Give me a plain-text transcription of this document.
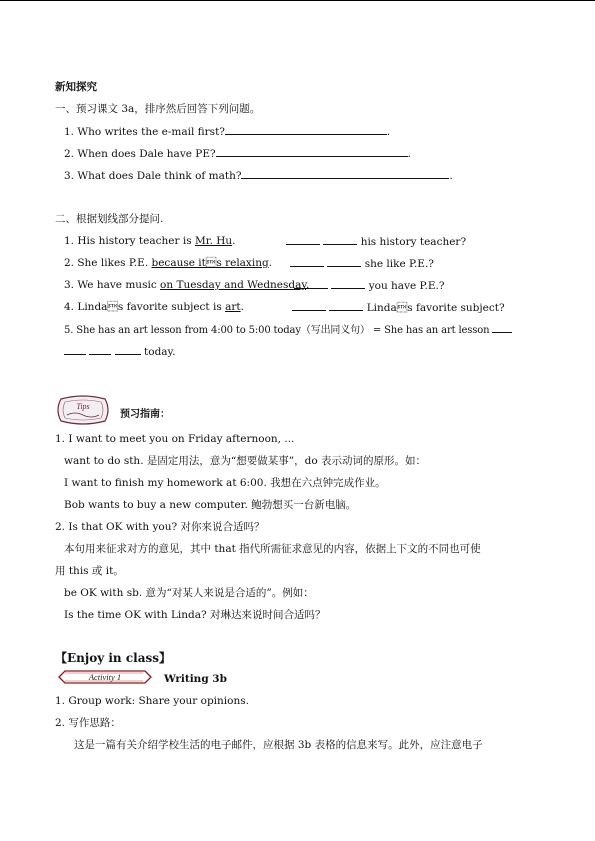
新知探究
一、预习课文 3a，排序然后回答下列问题。
1. Who writes the e-mail first?	.
2. When does Dale have PE?	.
3. What does Dale think of math?	.
二、根据划线部分提问.
1. His history teacher is Mr. Hu.	his history teacher?
2. She likes P.E. because its relaxing.	she like P.E.?
3. We have music on Tuesday and Wednesday.	you have P.E.?
4. Lindas favorite subject is art.	Lindas favorite subject?
5. She has an art lesson from 4:00 to 5:00 today（写出同义句） = She has an art lesson
today.
Tips
预习指南：
1. I want to meet you on Friday afternoon, ...
want to do sth. 是固定用法，意为“想要做某事”，do 表示动词的原形。如：
I want to finish my homework at 6:00. 我想在六点钟完成作业。
Bob wants to buy a new computer. 鲍勃想买一台新电脑。
2. Is that OK with you? 对你来说合适吗？
本句用来征求对方的意见，其中 that 指代所需征求意见的内容，依据上下文的不同也可使
用 this 或 it。
be OK with sb. 意为“对某人来说是合适的”。例如：
Is the time OK with Linda? 对琳达来说时间合适吗？
【Enjoy in class】
Activity 1	Writing 3b
1. Group work: Share your opinions.
2. 写作思路：
这是一篇有关介绍学校生活的电子邮件，应根据 3b 表格的信息来写。此外，应注意电子
